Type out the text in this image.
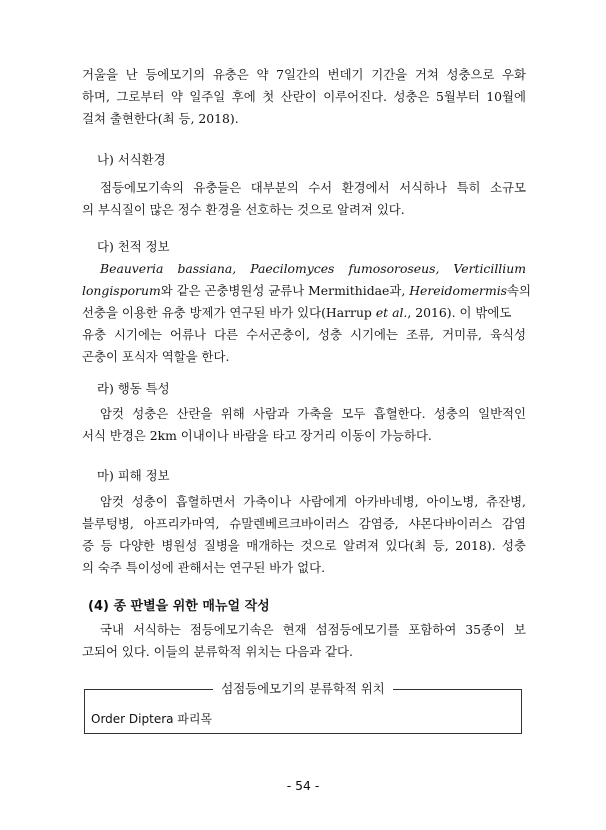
거울을 난 등에모기의 유충은 약 7일간의 번데기 기간을 거쳐 성충으로 우화
하며, 그로부터 약 일주일 후에 첫 산란이 이루어진다. 성충은 5월부터 10월에
걸쳐 출현한다(최 등, 2018).
나) 서식환경
점등에모기속의 유충들은 대부분의 수서 환경에서 서식하나 특히 소규모
의 부식질이 많은 정수 환경을 선호하는 것으로 알려져 있다.
다) 천적 정보
Beauveria bassiana, Paecilomyces fumosoroseus, Verticillium
longisporum와 같은 곤충병원성 균류나 Mermithidae과, Hereidomermis속의
선충을 이용한 유충 방제가 연구된 바가 있다(Harrup et al., 2016). 이 밖에도
유충 시기에는 어류나 다른 수서곤충이, 성충 시기에는 조류, 거미류, 육식성
곤충이 포식자 역할을 한다.
라) 행동 특성
암컷 성충은 산란을 위해 사람과 가축을 모두 흡혈한다. 성충의 일반적인
서식 반경은 2km 이내이나 바람을 타고 장거리 이동이 가능하다.
마) 피해 정보
암컷 성충이 흡혈하면서 가축이나 사람에게 아카바네병, 아이노병, 츄잔병,
블루텅병, 아프리카마역, 슈말렌베르크바이러스 감염증, 샤몬다바이러스 감염
증 등 다양한 병원성 질병을 매개하는 것으로 알려져 있다(최 등, 2018). 성충
의 숙주 특이성에 관해서는 연구된 바가 없다.
(4) 종 판별을 위한 매뉴얼 작성
국내 서식하는 점등에모기속은 현재 섬점등에모기를 포함하여 35종이 보
고되어 있다. 이들의 분류학적 위치는 다음과 같다.
섬점등에모기의 분류학적 위치
Order Diptera 파리목
- 54 -
